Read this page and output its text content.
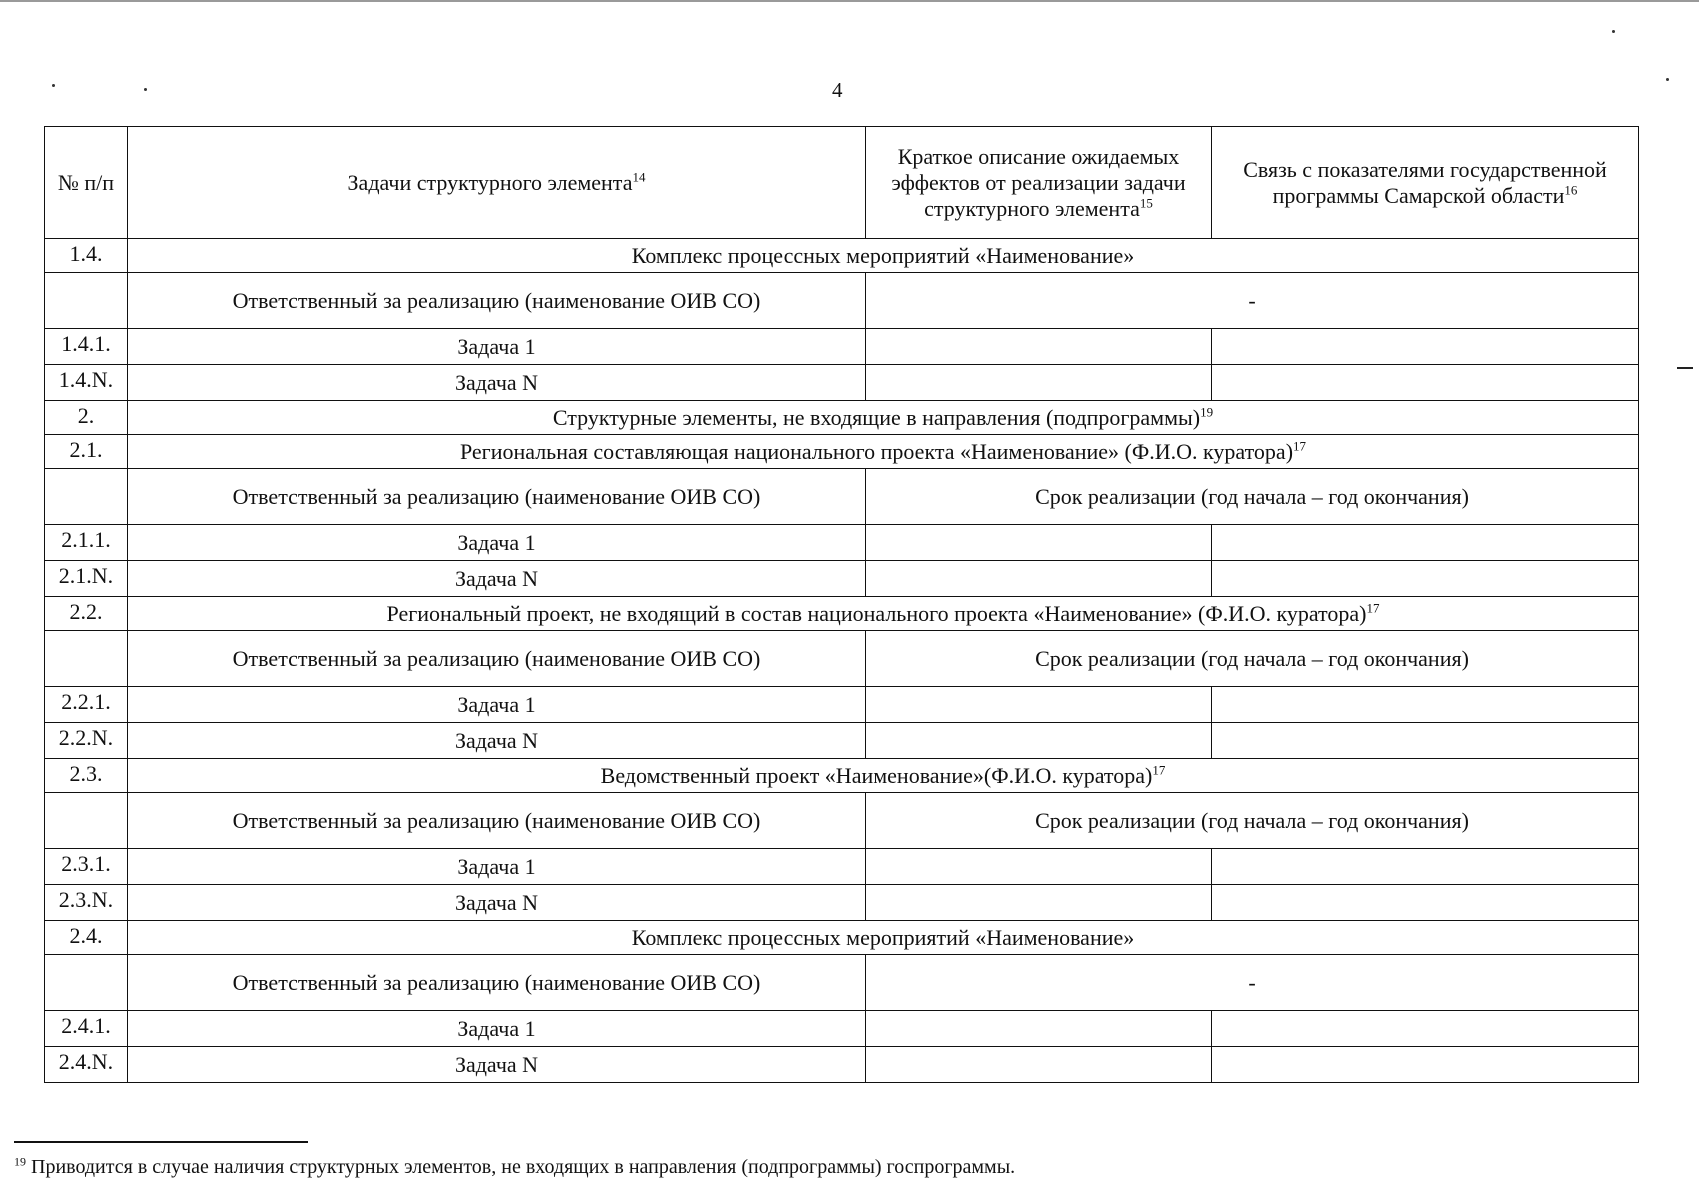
4
№ п/п	Задачи структурного элемента$^{14}$	Краткое описание ожидаемых эффектов от реализации задачи структурного элемента$^{15}$	Связь с показателями государственной программы Самарской области$^{16}$
1.4.	Комплекс процессных мероприятий «Наименование»		
	Ответственный за реализацию (наименование ОИВ СО)	-	
1.4.1.	Задача 1		
1.4.N.	Задача N		
2.	Структурные элементы, не входящие в направления (подпрограммы)$^{19}$
2.1.	Региональная составляющая национального проекта «Наименование» (Ф.И.О. куратора)$^{17}$
	Ответственный за реализацию (наименование ОИВ СО)	Срок реализации (год начала – год окончания)	
2.1.1.	Задача 1		
2.1.N.	Задача N		
2.2.	Региональный проект, не входящий в состав национального проекта «Наименование» (Ф.И.О. куратора)$^{17}$
	Ответственный за реализацию (наименование ОИВ СО)	Срок реализации (год начала – год окончания)	
2.2.1.	Задача 1		
2.2.N.	Задача N		
2.3.	Ведомственный проект «Наименование»(Ф.И.О. куратора)$^{17}$
	Ответственный за реализацию (наименование ОИВ СО)	Срок реализации (год начала – год окончания)	
2.3.1.	Задача 1		
2.3.N.	Задача N		
2.4.	Комплекс процессных мероприятий «Наименование»		
	Ответственный за реализацию (наименование ОИВ СО)	-	
2.4.1.	Задача 1		
2.4.N.	Задача N		
$^{19}$ Приводится в случае наличия структурных элементов, не входящих в направления (подпрограммы) госпрограммы.
